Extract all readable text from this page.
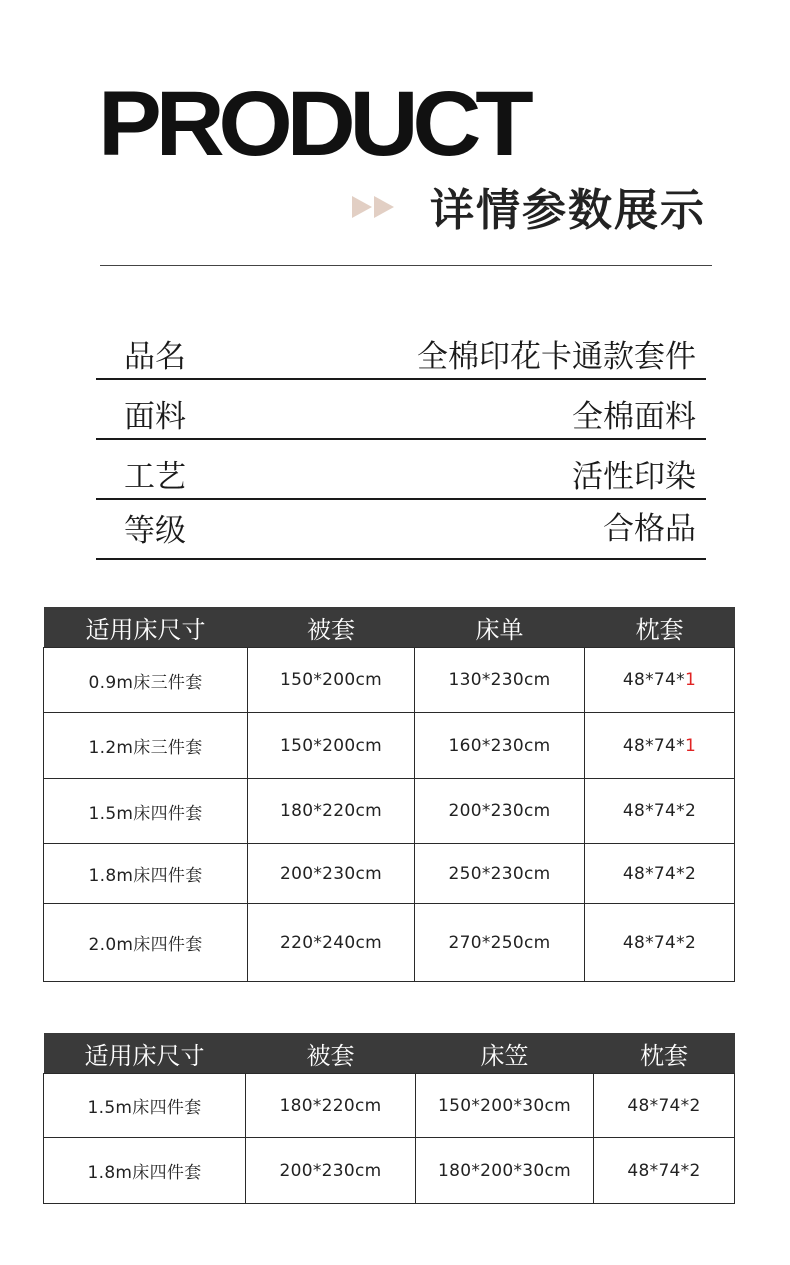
PRODUCT
详情参数展示
品名	全棉印花卡通款套件
面料	全棉面料
工艺	活性印染
等级	合格品
适用床尺寸	被套	床单	枕套
0.9m床三件套	150*200cm	130*230cm	48*74*1
1.2m床三件套	150*200cm	160*230cm	48*74*1
1.5m床四件套	180*220cm	200*230cm	48*74*2
1.8m床四件套	200*230cm	250*230cm	48*74*2
2.0m床四件套	220*240cm	270*250cm	48*74*2
适用床尺寸	被套	床笠	枕套
1.5m床四件套	180*220cm	150*200*30cm	48*74*2
1.8m床四件套	200*230cm	180*200*30cm	48*74*2
